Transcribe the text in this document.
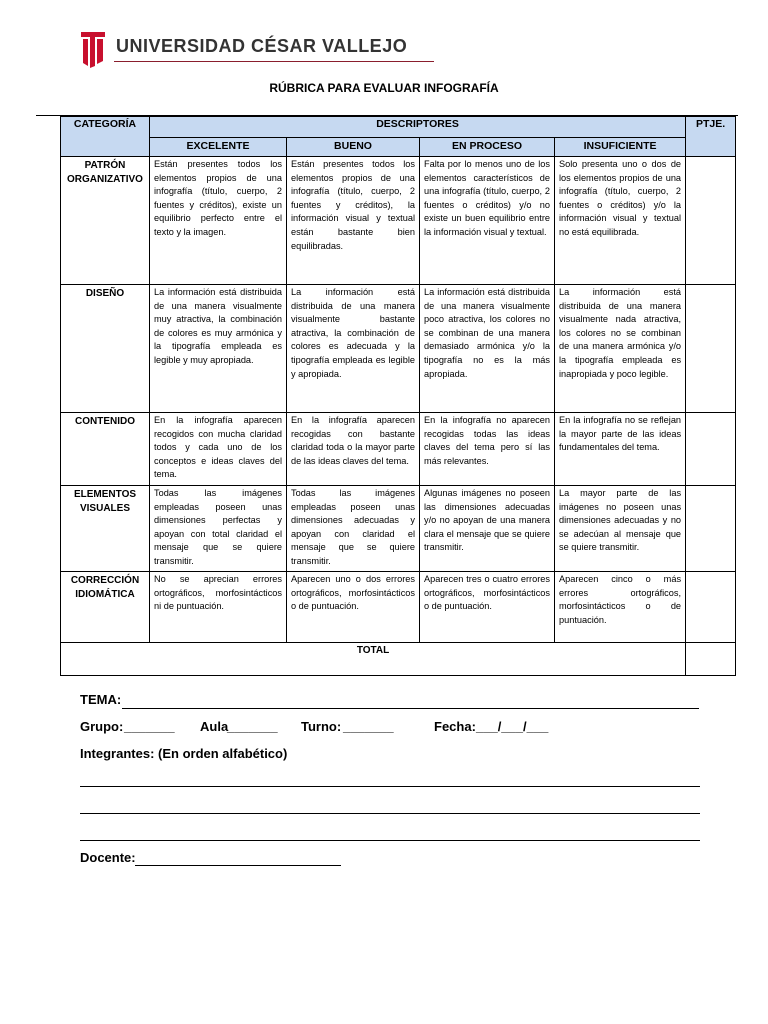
UNIVERSIDAD CÉSAR VALLEJO
RÚBRICA PARA EVALUAR INFOGRAFÍA
CATEGORÍA	DESCRIPTORES				PTJE.
	EXCELENTE	BUENO	EN PROCESO	INSUFICIENTE	
PATRÓN ORGANIZATIVO	Están presentes todos los elementos propios de una infografía (título, cuerpo, 2 fuentes y créditos), existe un equilibrio perfecto entre el texto y la imagen.	Están presentes todos los elementos propios de una infografía (título, cuerpo, 2 fuentes y créditos), la información visual y textual están bastante bien equilibradas.	Falta por lo menos uno de los elementos característicos de una infografía (título, cuerpo, 2 fuentes o créditos) y/o no existe un buen equilibrio entre la información visual y textual.	Solo presenta uno o dos de los elementos propios de una infografía (título, cuerpo, 2 fuentes o créditos) y/o la información visual y textual no está equilibrada.	
DISEÑO	La información está distribuida de una manera visualmente muy atractiva, la combinación de colores es muy armónica y la tipografía empleada es legible y muy apropiada.	La información está distribuida de una manera visualmente bastante atractiva, la combinación de colores es adecuada y la tipografía empleada es legible y apropiada.	La información está distribuida de una manera visualmente poco atractiva, los colores no se combinan de una manera demasiado armónica y/o la tipografía no es la más apropiada.	La información está distribuida de una manera visualmente nada atractiva, los colores no se combinan de una manera armónica y/o la tipografía empleada es inapropiada y poco legible.	
CONTENIDO	En la infografía aparecen recogidos con mucha claridad todos y cada uno de los conceptos e ideas claves del tema.	En la infografía aparecen recogidas con bastante claridad toda o la mayor parte de las ideas claves del tema.	En la infografía no aparecen recogidas todas las ideas claves del tema pero sí las más relevantes.	En la infografía no se reflejan la mayor parte de las ideas fundamentales del tema.	
ELEMENTOS VISUALES	Todas las imágenes empleadas poseen unas dimensiones perfectas y apoyan con total claridad el mensaje que se quiere transmitir.	Todas las imágenes empleadas poseen unas dimensiones adecuadas y apoyan con claridad el mensaje que se quiere transmitir.	Algunas imágenes no poseen las dimensiones adecuadas y/o no apoyan de una manera clara el mensaje que se quiere transmitir.	La mayor parte de las imágenes no poseen unas dimensiones adecuadas y no se adecúan al mensaje que se quiere transmitir.	
CORRECCIÓN IDIOMÁTICA	No se aprecian errores ortográficos, morfosintácticos ni de puntuación.	Aparecen uno o dos errores ortográficos, morfosintácticos o de puntuación.	Aparecen tres o cuatro errores ortográficos, morfosintácticos o de puntuación.	Aparecen cinco o más errores ortográficos, morfosintácticos o de puntuación.	
TOTAL					
TEMA:
Grupo: _______ Aula
_______ Turno: _______	Fecha: ___/___/___
Integrantes: (En orden alfabético)
Docente:
